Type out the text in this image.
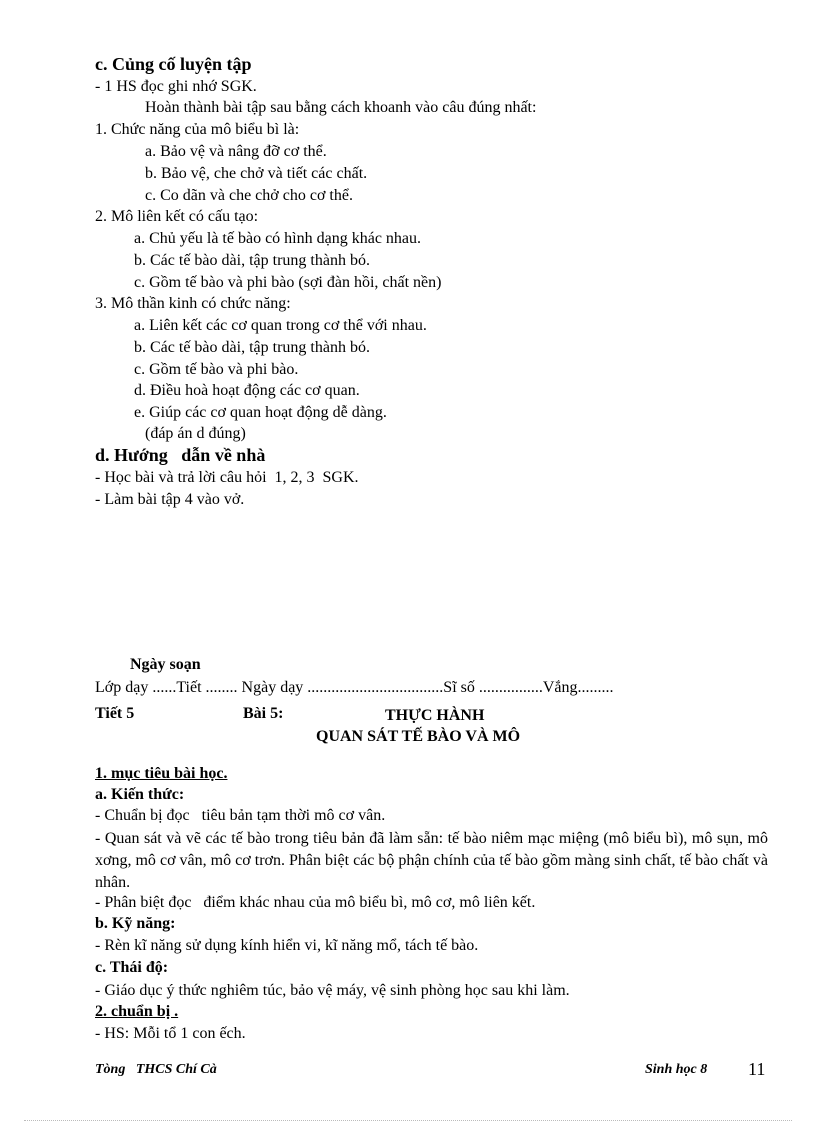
c. Củng cố luyện tập
- 1 HS đọc ghi nhớ SGK.
Hoàn thành bài tập sau bằng cách khoanh vào câu đúng nhất:
1. Chức năng của mô biểu bì là:
a. Bảo vệ và nâng đỡ cơ thể.
b. Bảo vệ, che chở và tiết các chất.
c. Co dãn và che chở cho cơ thể.
2. Mô liên kết có cấu tạo:
a. Chủ yếu là tế bào có hình dạng khác nhau.
b. Các tế bào dài, tập trung thành bó.
c. Gồm tế bào và phi bào (sợi đàn hồi, chất nền)
3. Mô thần kinh có chức năng:
a. Liên kết các cơ quan trong cơ thể với nhau.
b. Các tế bào dài, tập trung thành bó.
c. Gồm tế bào và phi bào.
d. Điều hoà hoạt động các cơ quan.
e. Giúp các cơ quan hoạt động dễ dàng.
(đáp án d đúng)
d. Hướng   dẫn về nhà
- Học bài và trả lời câu hỏi  1, 2, 3  SGK.
- Làm bài tập 4 vào vở.
Ngày soạn
Lớp dạy ......Tiết ........ Ngày dạy ..................................Sĩ số ................Vắng.........
Tiết 5	Bài 5:	THỰC HÀNH
QUAN SÁT TẾ BÀO VÀ MÔ
1. mục tiêu bài học.
a. Kiến thức:
- Chuẩn bị đọc   tiêu bản tạm thời mô cơ vân.
- Quan sát và vẽ các tế bào trong tiêu bản đã làm sẵn: tế bào niêm mạc miệng (mô biểu bì), mô sụn, mô xơng, mô cơ vân, mô cơ trơn. Phân biệt các bộ phận chính của tế bào gồm màng sinh chất, tế bào chất và nhân.
- Phân biệt đọc   điểm khác nhau của mô biểu bì, mô cơ, mô liên kết.
b. Kỹ năng:
- Rèn kĩ năng sử dụng kính hiển vi, kĩ năng mổ, tách tế bào.
c. Thái độ:
- Giáo dục ý thức nghiêm túc, bảo vệ máy, vệ sinh phòng học sau khi làm.
2. chuẩn bị .
- HS: Mỗi tổ 1 con ếch.
Tòng   THCS Chí Cà	Sinh học 8 11
